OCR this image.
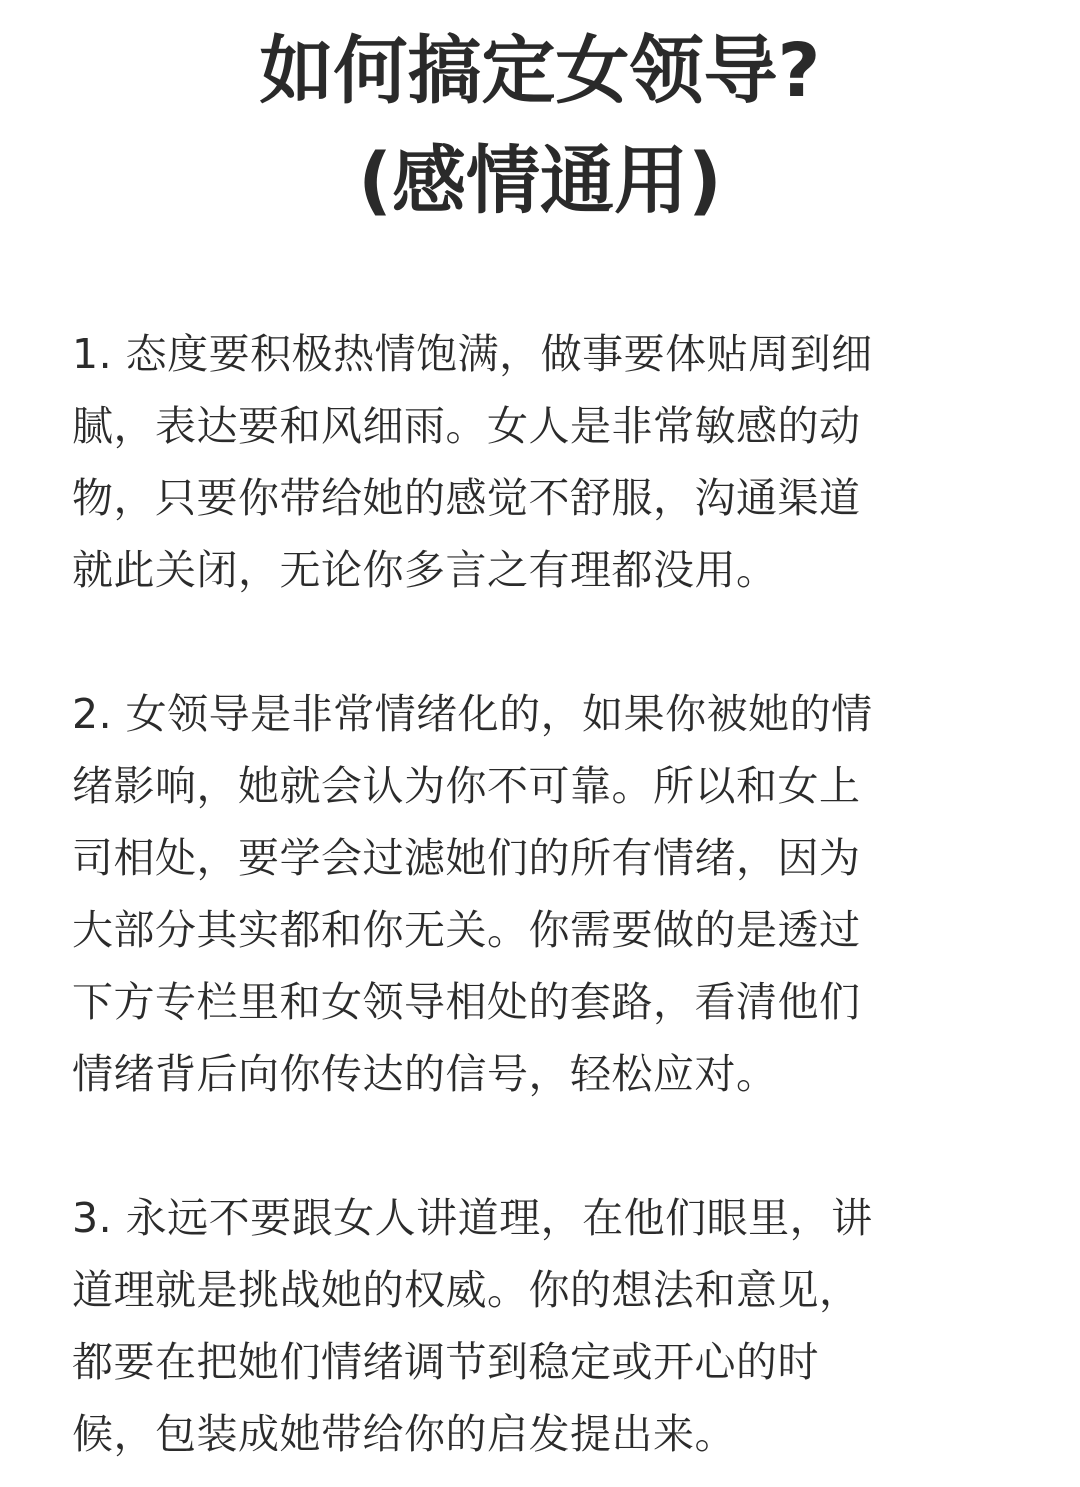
如何搞定女领导?
(感情通用)
1. 态度要积极热情饱满，做事要体贴周到细
腻，表达要和风细雨。女人是非常敏感的动
物，只要你带给她的感觉不舒服，沟通渠道
就此关闭，无论你多言之有理都没用。
2. 女领导是非常情绪化的，如果你被她的情
绪影响，她就会认为你不可靠。所以和女上
司相处，要学会过滤她们的所有情绪，因为
大部分其实都和你无关。你需要做的是透过
下方专栏里和女领导相处的套路，看清他们
情绪背后向你传达的信号，轻松应对。
3. 永远不要跟女人讲道理，在他们眼里，讲
道理就是挑战她的权威。你的想法和意见，
都要在把她们情绪调节到稳定或开心的时
候，包装成她带给你的启发提出来。
